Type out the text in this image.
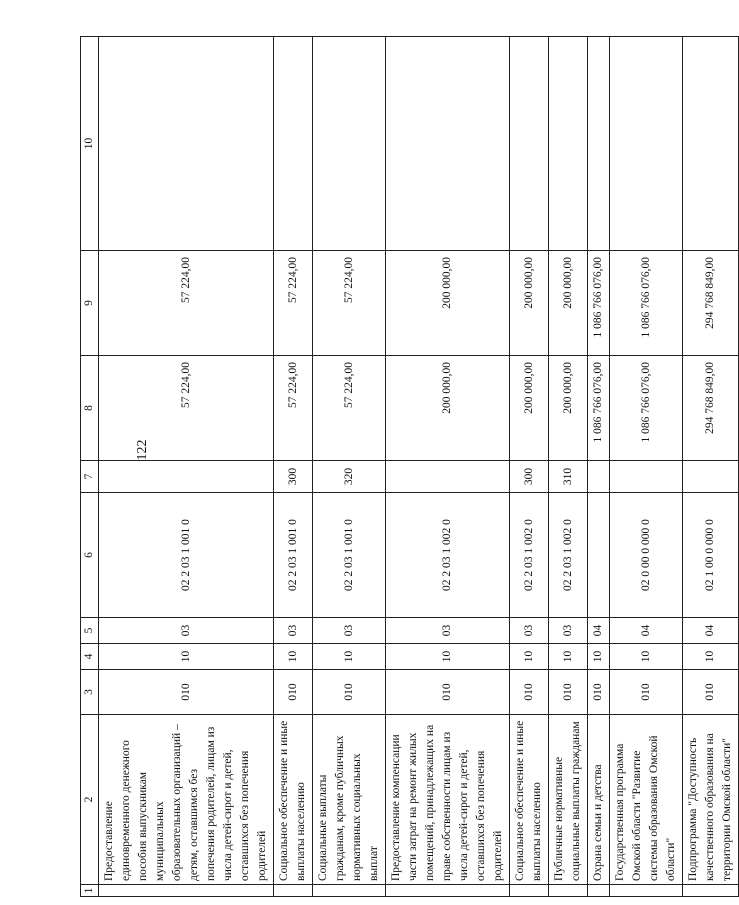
122
1	2	3	4	5	6	7	8	9	10
	Предоставление единовременного денежного пособия выпускникам муниципальных образовательных организаций – детям, оставшимся без попечения родителей, лицам из числа детей-сирот и детей, оставшихся без попечения родителей	010	10	03	02 2 03 1 001 0		57 224,00	57 224,00	
	Социальное обеспечение и иные выплаты населению	010	10	03	02 2 03 1 001 0	300	57 224,00	57 224,00	
	Социальные выплаты гражданам, кроме публичных нормативных социальных выплат	010	10	03	02 2 03 1 001 0	320	57 224,00	57 224,00	
	Предоставление компенсации части затрат на ремонт жилых помещений, принадлежащих на праве собственности лицам из числа детей-сирот и детей, оставшихся без попечения родителей	010	10	03	02 2 03 1 002 0		200 000,00	200 000,00	
	Социальное обеспечение и иные выплаты населению	010	10	03	02 2 03 1 002 0	300	200 000,00	200 000,00	
	Публичные нормативные социальные выплаты гражданам	010	10	03	02 2 03 1 002 0	310	200 000,00	200 000,00	
	Охрана семьи и детства	010	10	04			1 086 766 076,00	1 086 766 076,00	
	Государственная программа Омской области "Развитие системы образования Омской области"	010	10	04	02 0 00 0 000 0		1 086 766 076,00	1 086 766 076,00	
	Подпрограмма "Доступность качественного образования на территории Омской области"	010	10	04	02 1 00 0 000 0		294 768 849,00	294 768 849,00	
